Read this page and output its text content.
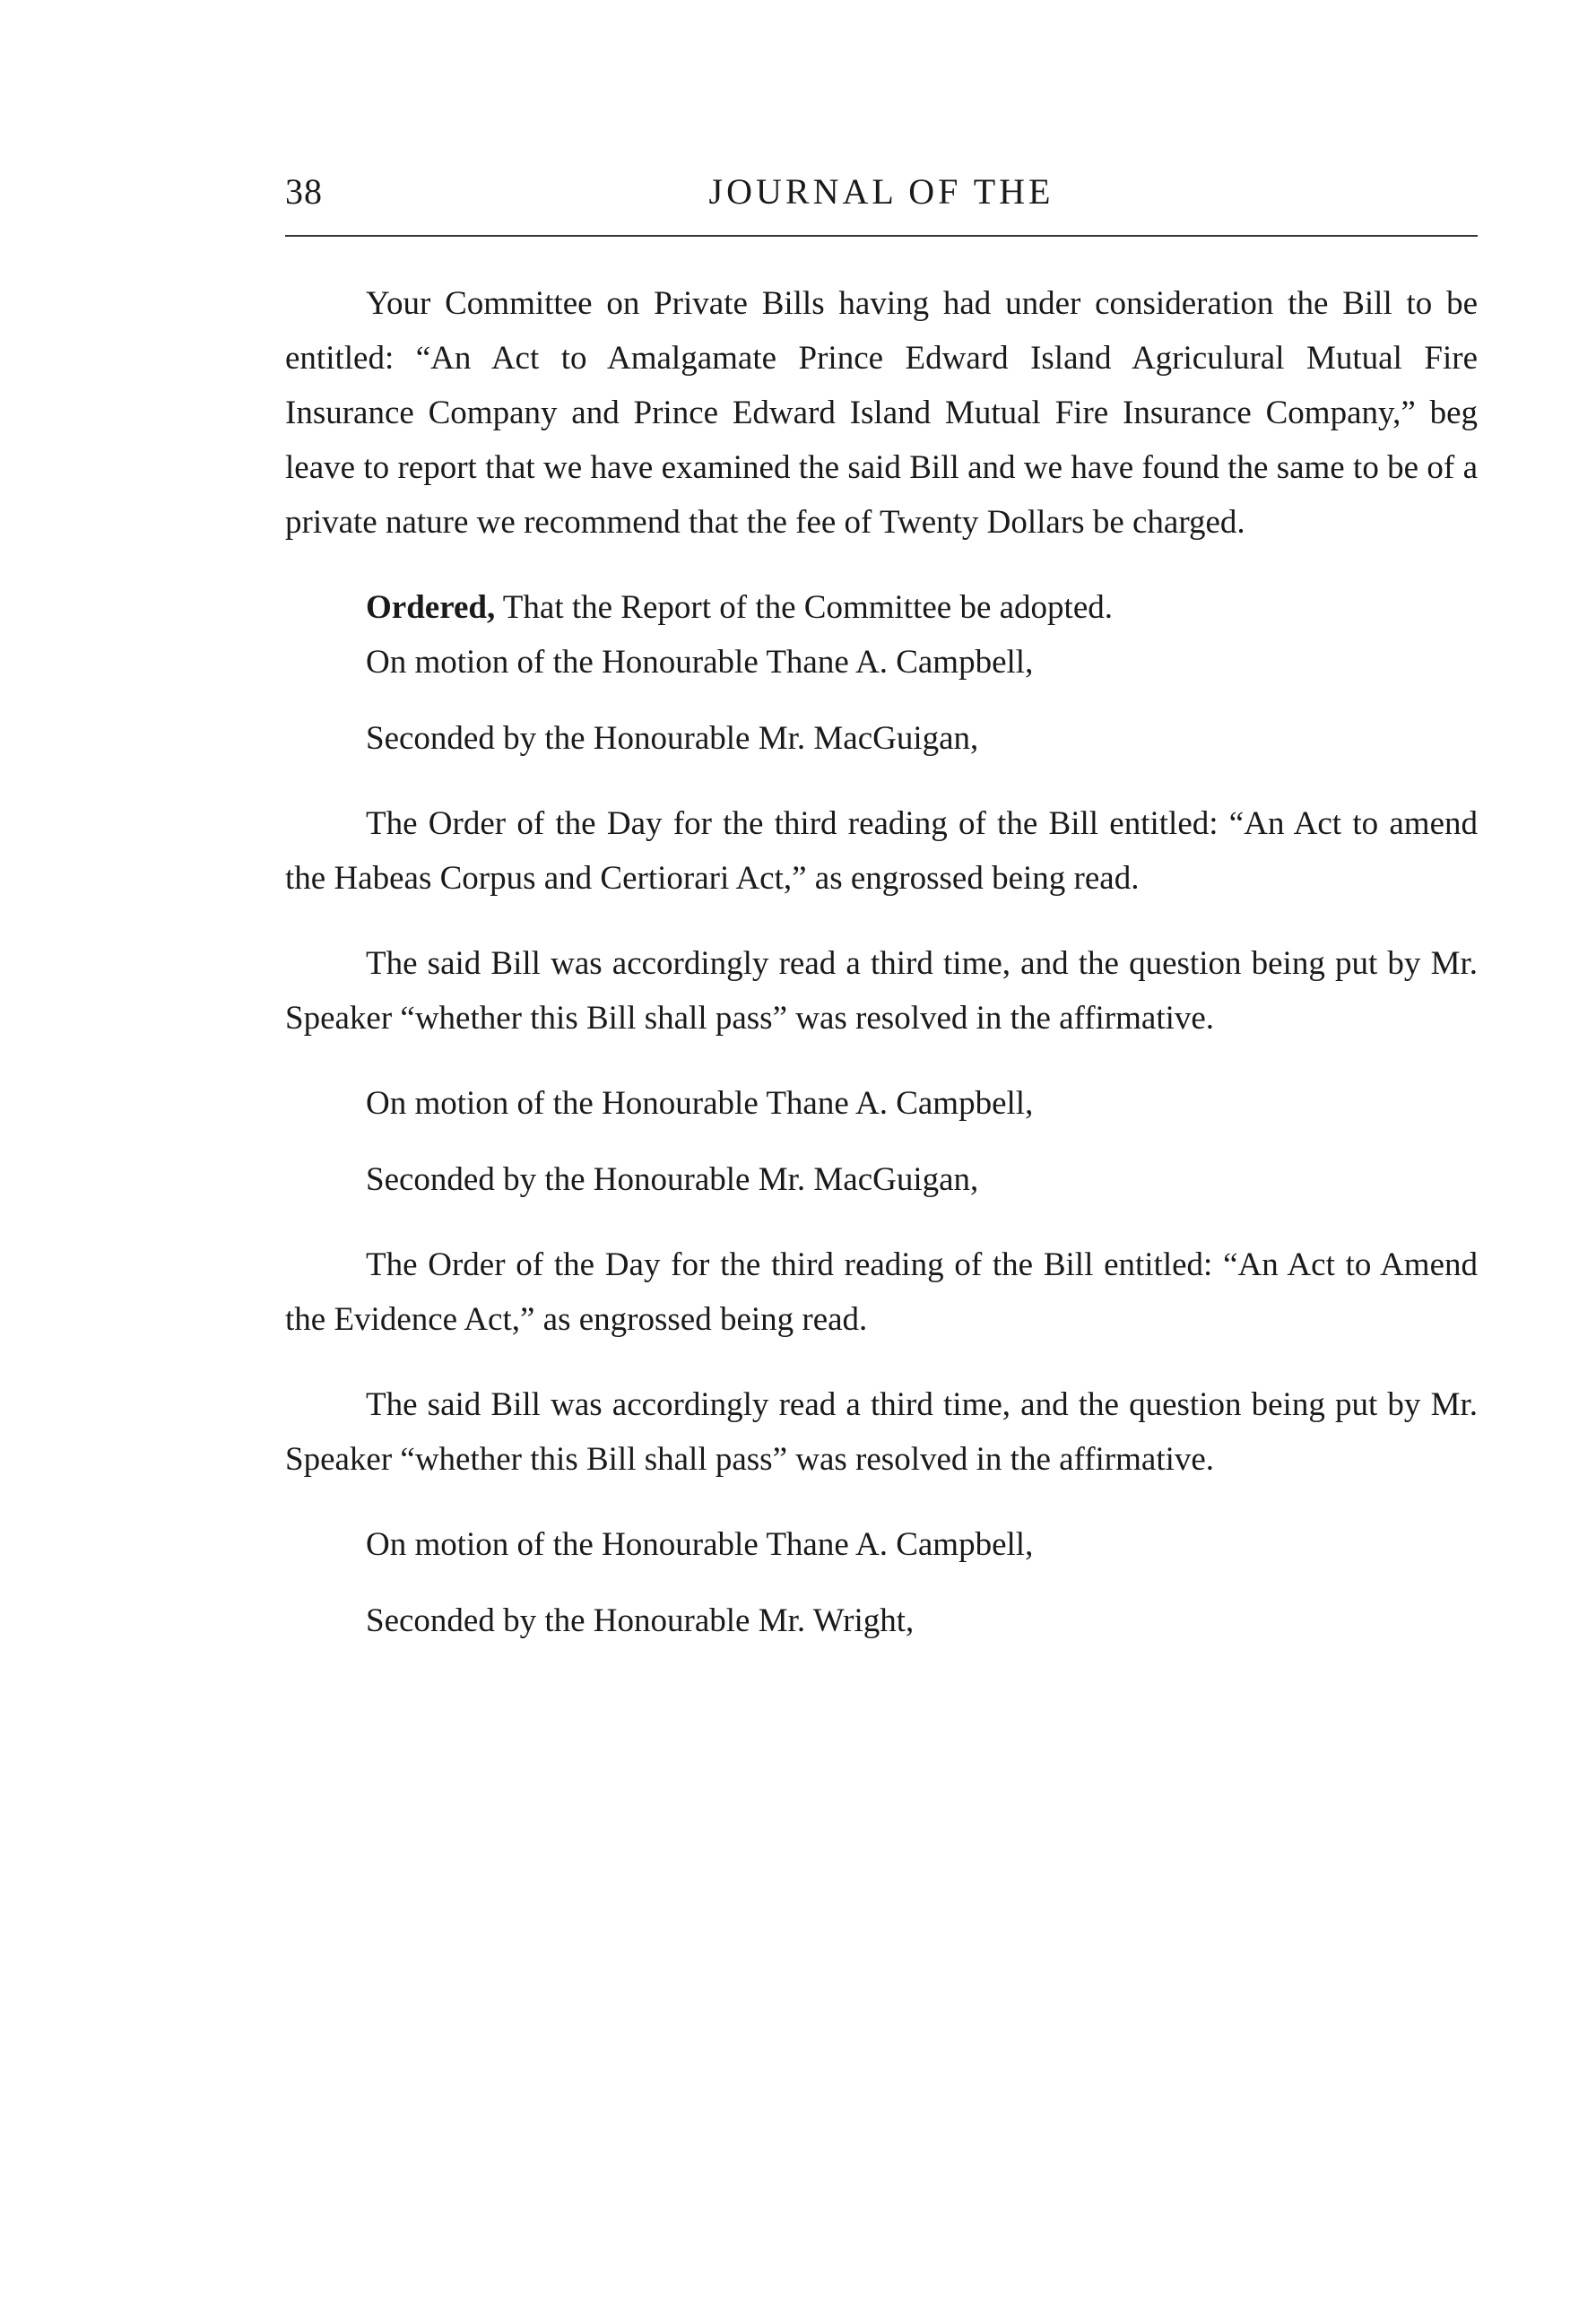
38	JOURNAL OF THE

Your Committee on Private Bills having had under consideration the Bill to be entitled: “An Act to Amalgamate Prince Edward Island Agriculural Mutual Fire Insurance Company and Prince Edward Island Mutual Fire Insurance Company,” beg leave to report that we have examined the said Bill and we have found the same to be of a private nature we recommend that the fee of Twenty Dollars be charged.

Ordered, That the Report of the Committee be adopted.

On motion of the Honourable Thane A. Campbell,

Seconded by the Honourable Mr. MacGuigan,

The Order of the Day for the third reading of the Bill entitled: “An Act to amend the Habeas Corpus and Certiorari Act,” as engrossed being read.

The said Bill was accordingly read a third time, and the question being put by Mr. Speaker “whether this Bill shall pass” was resolved in the affirmative.

On motion of the Honourable Thane A. Campbell,

Seconded by the Honourable Mr. MacGuigan,

The Order of the Day for the third reading of the Bill entitled: “An Act to Amend the Evidence Act,” as engrossed being read.

The said Bill was accordingly read a third time, and the question being put by Mr. Speaker “whether this Bill shall pass” was resolved in the affirmative.

On motion of the Honourable Thane A. Campbell,

Seconded by the Honourable Mr. Wright,
